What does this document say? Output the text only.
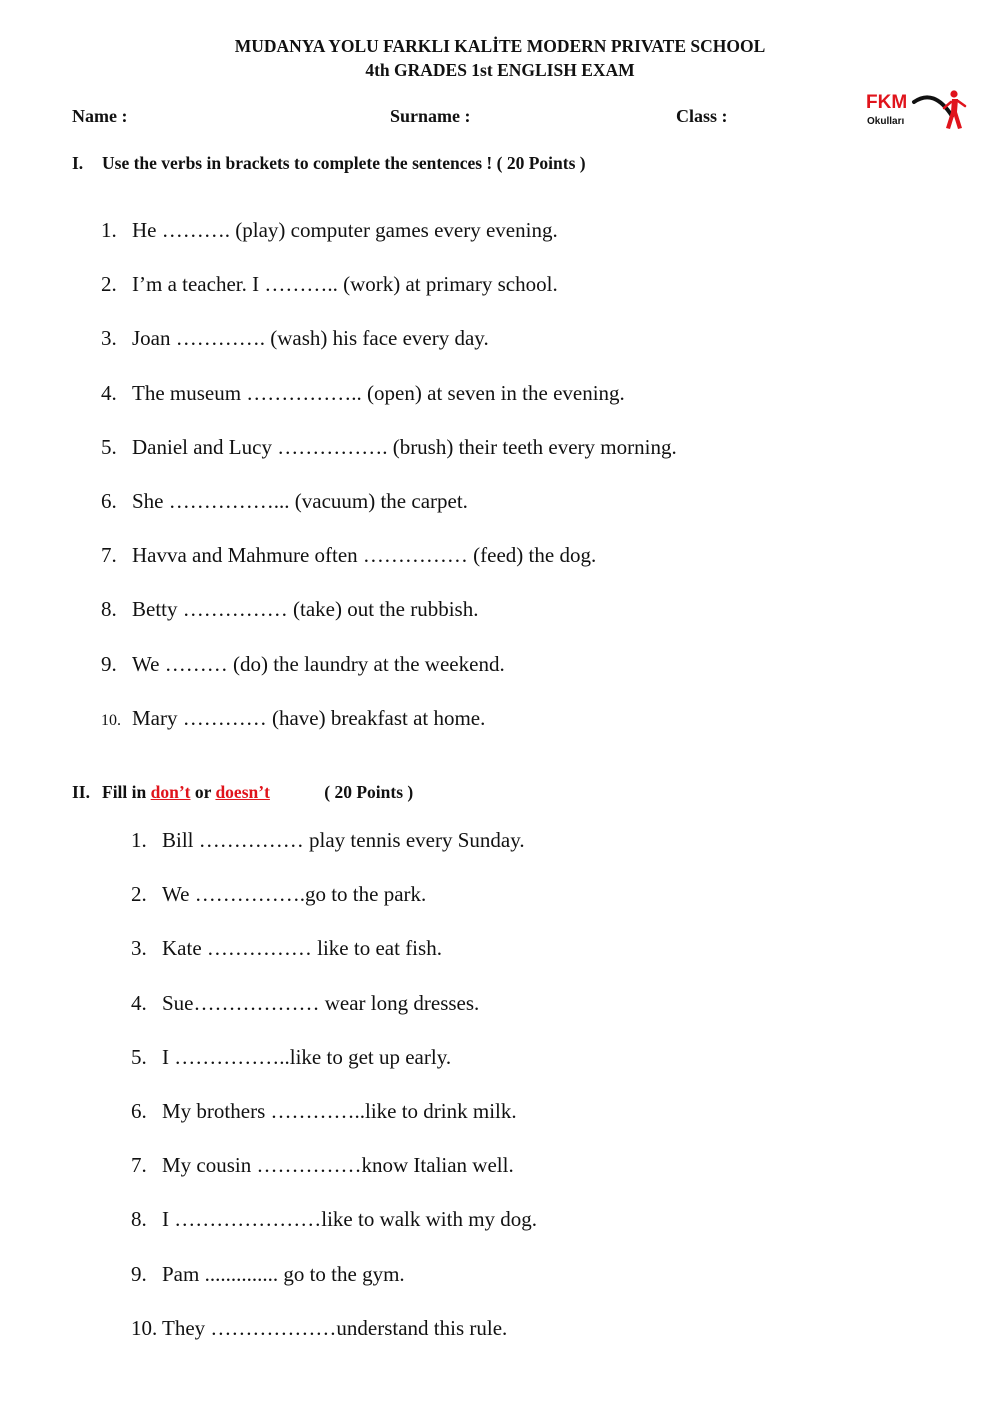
MUDANYA YOLU FARKLI KALİTE MODERN PRIVATE SCHOOL
4th GRADES 1st ENGLISH EXAM
Name :	Surname :	Class :
FKM
Okulları
I. Use the verbs in brackets to complete the sentences ! ( 20 Points )
1. He ………. (play) computer games every evening.
2. I’m a teacher. I ……….. (work) at primary school.
3. Joan …………. (wash) his face every day.
4. The museum …………….. (open) at seven in the evening.
5. Daniel and Lucy ……………. (brush) their teeth every morning.
6. She ……………... (vacuum) the carpet.
7. Havva and Mahmure often …………… (feed) the dog.
8. Betty …………… (take) out the rubbish.
9. We ……… (do) the laundry at the weekend.
10. Mary ………… (have) breakfast at home.
II. Fill in don’t or doesn’t	( 20 Points )
1. Bill …………… play tennis every Sunday.
2. We …………….go to the park.
3. Kate …………… like to eat fish.
4. Sue……………… wear long dresses.
5. I ……………..like to get up early.
6. My brothers …………..like to drink milk.
7. My cousin ……………know Italian well.
8. I …………………like to walk with my dog.
9. Pam .............. go to the gym.
10. They ………………understand this rule.
